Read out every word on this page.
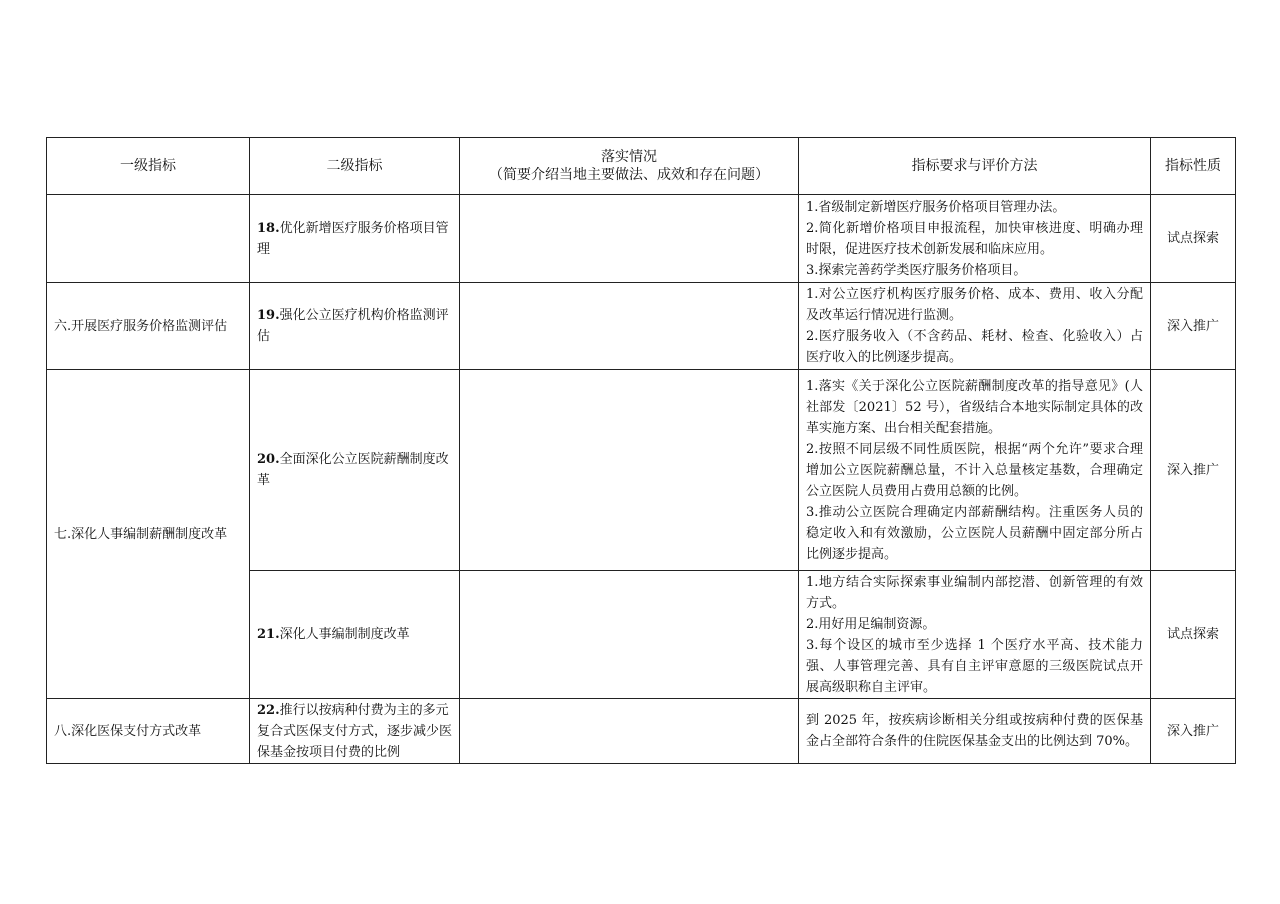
一级指标	二级指标	落实情况
（简要介绍当地主要做法、成效和存在问题）	指标要求与评价方法	指标性质
	18.优化新增医疗服务价格项目管理		1.省级制定新增医疗服务价格项目管理办法。
2.简化新增价格项目申报流程，加快审核进度、明确办理时限，促进医疗技术创新发展和临床应用。
3.探索完善药学类医疗服务价格项目。	试点探索
六.开展医疗服务价格监测评估	19.强化公立医疗机构价格监测评估		1.对公立医疗机构医疗服务价格、成本、费用、收入分配及改革运行情况进行监测。
2.医疗服务收入（不含药品、耗材、检查、化验收入）占医疗收入的比例逐步提高。	深入推广
七.深化人事编制薪酬制度改革	20.全面深化公立医院薪酬制度改革		1.落实《关于深化公立医院薪酬制度改革的指导意见》(人社部发〔2021〕52 号），省级结合本地实际制定具体的改革实施方案、出台相关配套措施。
2.按照不同层级不同性质医院，根据“两个允许”要求合理增加公立医院薪酬总量，不计入总量核定基数，合理确定公立医院人员费用占费用总额的比例。
3.推动公立医院合理确定内部薪酬结构。注重医务人员的稳定收入和有效激励，公立医院人员薪酬中固定部分所占比例逐步提高。	深入推广
	21.深化人事编制制度改革		1.地方结合实际探索事业编制内部挖潜、创新管理的有效方式。
2.用好用足编制资源。
3.每个设区的城市至少选择 1 个医疗水平高、技术能力强、人事管理完善、具有自主评审意愿的三级医院试点开展高级职称自主评审。	试点探索
八.深化医保支付方式改革	22.推行以按病种付费为主的多元复合式医保支付方式，逐步减少医保基金按项目付费的比例		到 2025 年，按疾病诊断相关分组或按病种付费的医保基金占全部符合条件的住院医保基金支出的比例达到 70%。	深入推广
